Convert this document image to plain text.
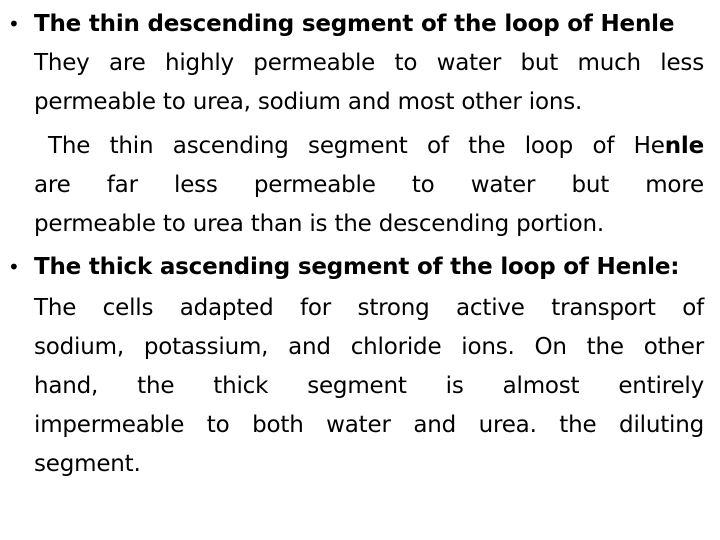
• The thin descending segment of the loop of Henle
They are highly permeable to water but much less
permeable to urea, sodium and most other ions.
The thin ascending segment of the loop of Henle
are far less permeable to water but more
permeable to urea than is the descending portion.
• The thick ascending segment of the loop of Henle:
The cells adapted for strong active transport of
sodium, potassium, and chloride ions. On the other
hand, the thick segment is almost entirely
impermeable to both water and urea. the diluting
segment.
